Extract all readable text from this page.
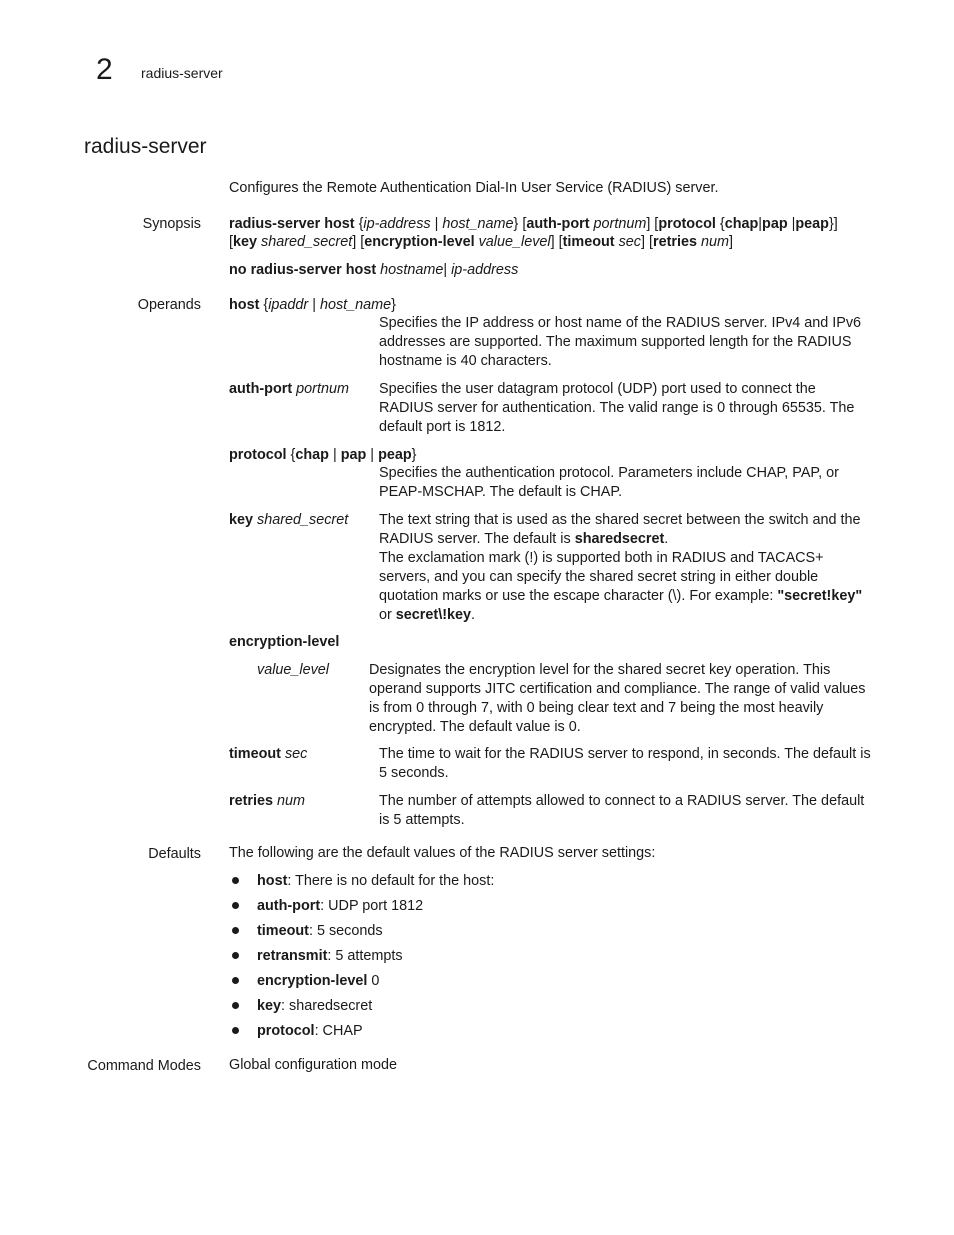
2 radius-server
radius-server
Configures the Remote Authentication Dial-In User Service (RADIUS) server.
Synopsis radius-server host {ip-address | host_name} [auth-port portnum] [protocol {chap|pap |peap}]
[key shared_secret] [encryption-level value_level] [timeout sec] [retries num]
no radius-server host hostname| ip-address
Operands host {ipaddr | host_name}
Specifies the IP address or host name of the RADIUS server. IPv4 and IPv6 addresses are supported. The maximum supported length for the RADIUS hostname is 40 characters.
auth-port portnum	Specifies the user datagram protocol (UDP) port used to connect the RADIUS server for authentication. The valid range is 0 through 65535. The default port is 1812.
protocol {chap | pap | peap}
Specifies the authentication protocol. Parameters include CHAP, PAP, or PEAP-MSCHAP. The default is CHAP.
key shared_secret	The text string that is used as the shared secret between the switch and the RADIUS server. The default is sharedsecret.
The exclamation mark (!) is supported both in RADIUS and TACACS+ servers, and you can specify the shared secret string in either double quotation marks or use the escape character (\). For example: "secret!key" or secret\!key.
encryption-level
value_level	Designates the encryption level for the shared secret key operation. This operand supports JITC certification and compliance. The range of valid values is from 0 through 7, with 0 being clear text and 7 being the most heavily encrypted. The default value is 0.
timeout sec	The time to wait for the RADIUS server to respond, in seconds. The default is 5 seconds.
retries num	The number of attempts allowed to connect to a RADIUS server. The default is 5 attempts.
Defaults The following are the default values of the RADIUS server settings:
host: There is no default for the host:
auth-port: UDP port 1812
timeout: 5 seconds
retransmit: 5 attempts
encryption-level 0
key: sharedsecret
protocol: CHAP
Command Modes Global configuration mode
